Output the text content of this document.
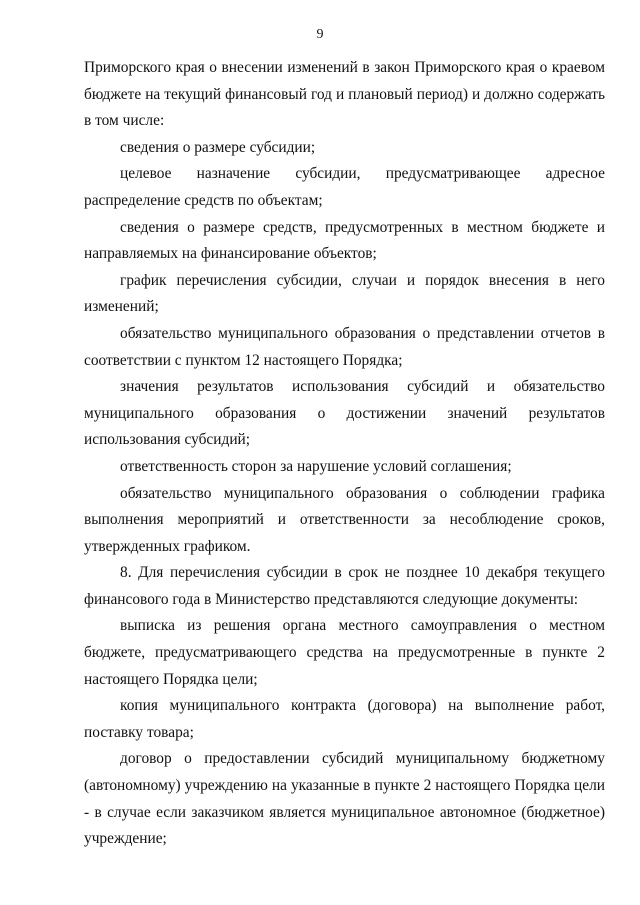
9

Приморского края о внесении изменений в закон Приморского края о краевом бюджете на текущий финансовый год и плановый период) и должно содержать в том числе:

сведения о размере субсидии;

целевое назначение субсидии, предусматривающее адресное распределение средств по объектам;

сведения о размере средств, предусмотренных в местном бюджете и направляемых на финансирование объектов;

график перечисления субсидии, случаи и порядок внесения в него изменений;

обязательство муниципального образования о представлении отчетов в соответствии с пунктом 12 настоящего Порядка;

значения результатов использования субсидий и обязательство муниципального образования о достижении значений результатов использования субсидий;

ответственность сторон за нарушение условий соглашения;

обязательство муниципального образования о соблюдении графика выполнения мероприятий и ответственности за несоблюдение сроков, утвержденных графиком.

8. Для перечисления субсидии в срок не позднее 10 декабря текущего финансового года в Министерство представляются следующие документы:

выписка из решения органа местного самоуправления о местном бюджете, предусматривающего средства на предусмотренные в пункте 2 настоящего Порядка цели;

копия муниципального контракта (договора) на выполнение работ, поставку товара;

договор о предоставлении субсидий муниципальному бюджетному (автономному) учреждению на указанные в пункте 2 настоящего Порядка цели - в случае если заказчиком является муниципальное автономное (бюджетное) учреждение;
